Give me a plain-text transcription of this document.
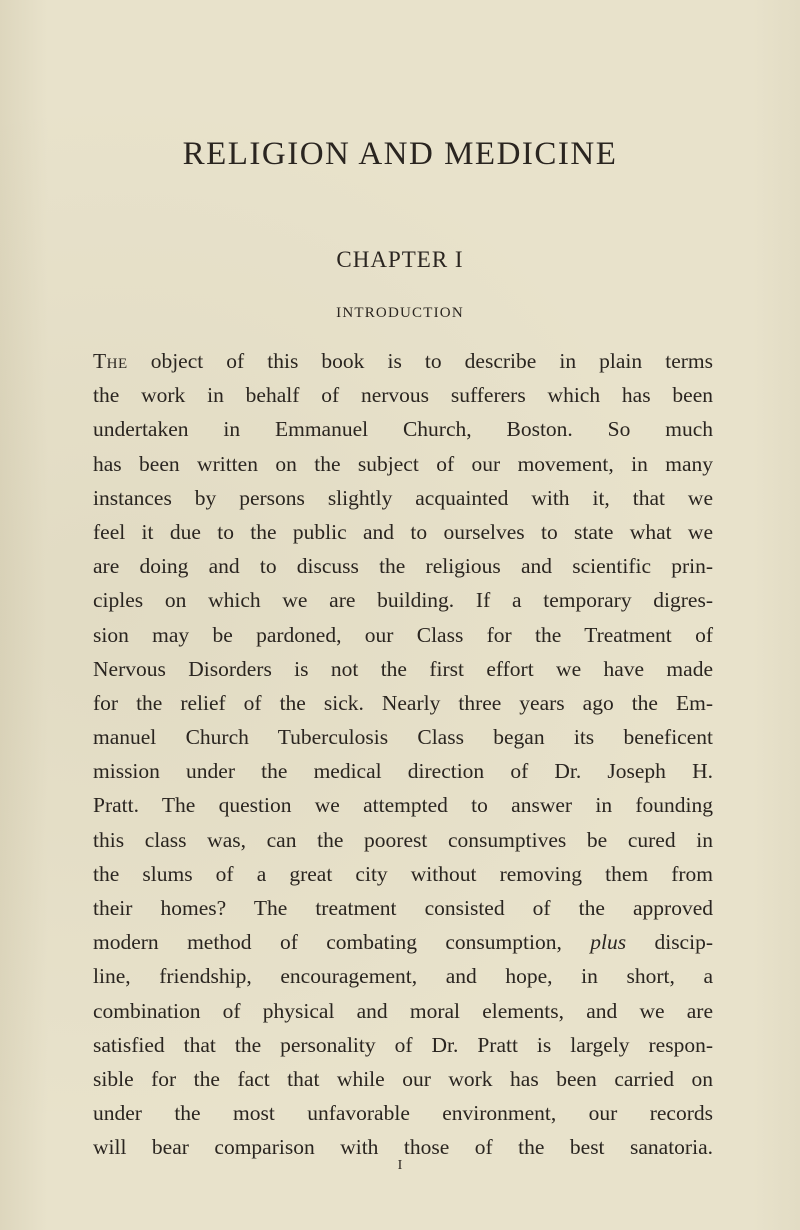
RELIGION AND MEDICINE
CHAPTER I
INTRODUCTION
The object of this book is to describe in plain terms
the work in behalf of nervous sufferers which has been
undertaken in Emmanuel Church, Boston. So much
has been written on the subject of our movement, in many
instances by persons slightly acquainted with it, that we
feel it due to the public and to ourselves to state what we
are doing and to discuss the religious and scientific prin-
ciples on which we are building. If a temporary digres-
sion may be pardoned, our Class for the Treatment of
Nervous Disorders is not the first effort we have made
for the relief of the sick. Nearly three years ago the Em-
manuel Church Tuberculosis Class began its beneficent
mission under the medical direction of Dr. Joseph H.
Pratt. The question we attempted to answer in founding
this class was, can the poorest consumptives be cured in
the slums of a great city without removing them from
their homes? The treatment consisted of the approved
modern method of combating consumption, plus discip-
line, friendship, encouragement, and hope, in short, a
combination of physical and moral elements, and we are
satisfied that the personality of Dr. Pratt is largely respon-
sible for the fact that while our work has been carried on
under the most unfavorable environment, our records
will bear comparison with those of the best sanatoria.

I
